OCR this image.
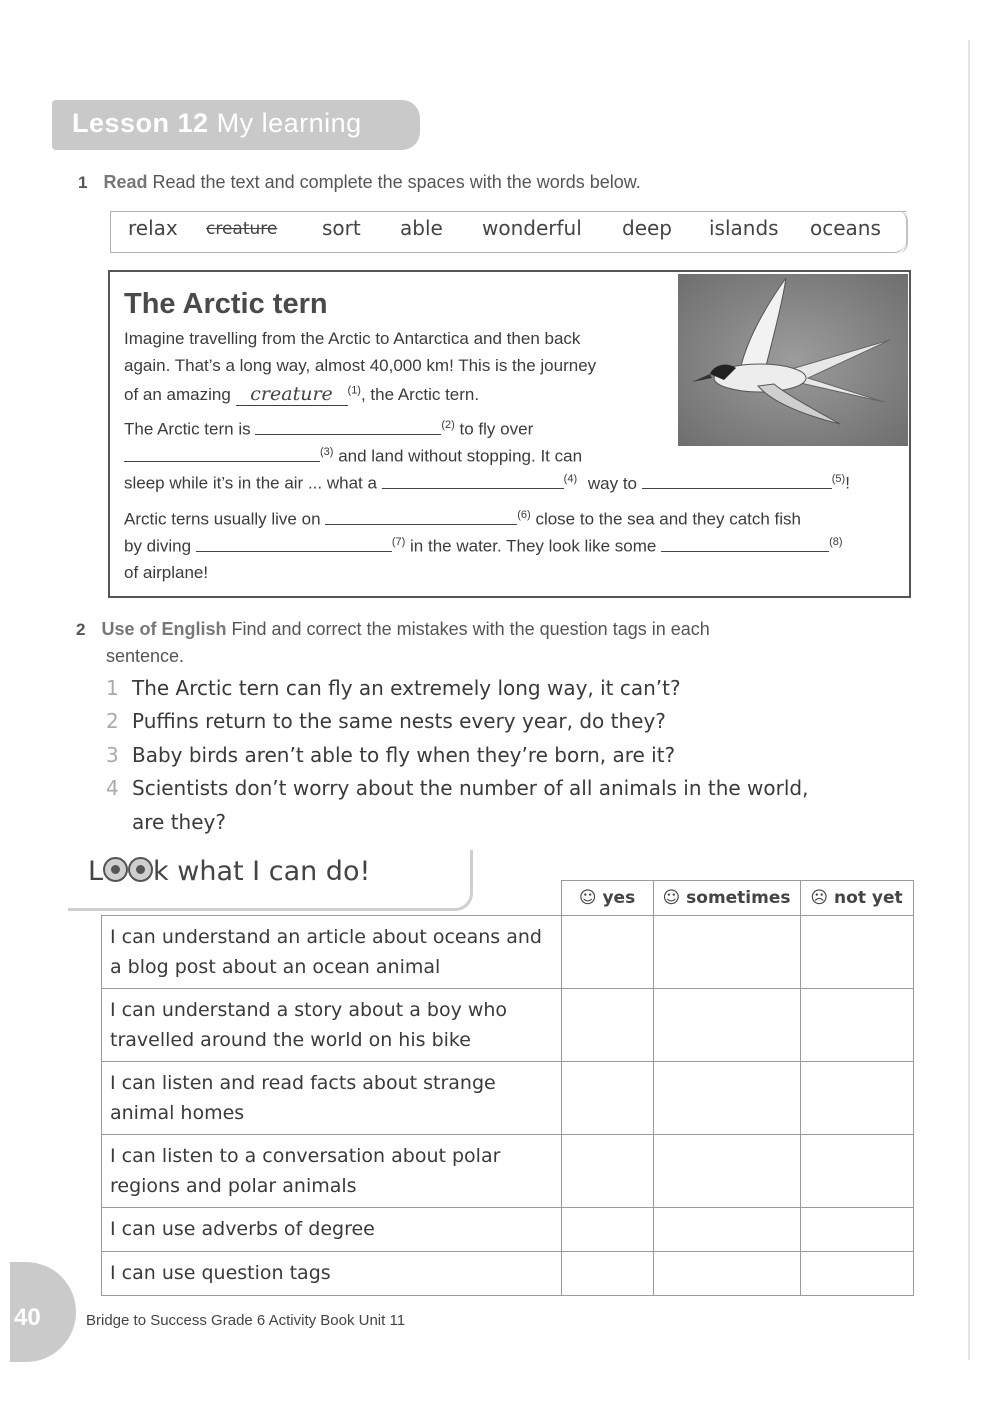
Lesson 12 My learning
1 Read Read the text and complete the spaces with the words below.
relax creature sort able wonderful deep islands oceans
The Arctic tern
Imagine travelling from the Arctic to Antarctica and then back
again. That’s a long way, almost 40,000 km! This is the journey
of an amazing creature $^{(1)}$, the Arctic tern.
The Arctic tern is	$^{(2)}$ to fly over
$^{(3)}$ and land without stopping. It can
sleep while it’s in the air ... what a	$^{(4)}$ way to	$^{(5)}$!
Arctic terns usually live on	$^{(6)}$ close to the sea and they catch fish
by diving	$^{(7)}$ in the water. They look like some	$^{(8)}$
of airplane!
2 Use of English Find and correct the mistakes with the question tags in each
sentence.
1 The Arctic tern can fly an extremely long way, it can’t?
2 Puffins return to the same nests every year, do they?
3 Baby birds aren’t able to fly when they’re born, are it?
4 Scientists don’t worry about the number of all animals in the world,
are they?
L k what I can do!
	☺ yes	☺ sometimes	☹ not yet

I can understand an article about oceans and
a blog post about an ocean animal			

I can understand a story about a boy who
travelled around the world on his bike			

I can listen and read facts about strange
animal homes			

I can listen to a conversation about polar
regions and polar animals			

I can use adverbs of degree			

I can use question tags			

40	Bridge to Success Grade 6 Activity Book Unit 11
